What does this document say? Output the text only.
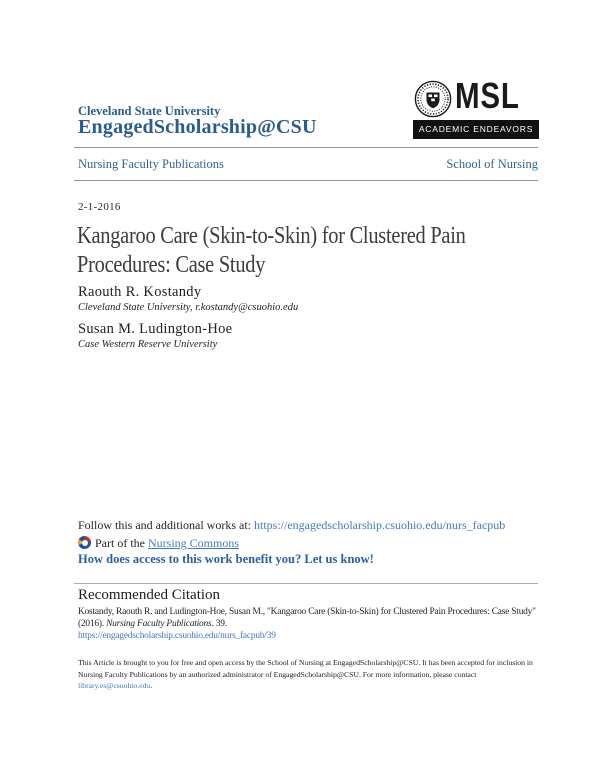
Cleveland State University
EngagedScholarship@CSU
MSL
ACADEMIC ENDEAVORS
Nursing Faculty Publications	School of Nursing
2-1-2016
Kangaroo Care (Skin-to-Skin) for Clustered Pain
Procedures: Case Study
Raouth R. Kostandy
Cleveland State University, r.kostandy@csuohio.edu
Susan M. Ludington-Hoe
Case Western Reserve University
Follow this and additional works at: https://engagedscholarship.csuohio.edu/nurs_facpub
Part of the Nursing Commons
How does access to this work benefit you? Let us know!
Recommended Citation
Kostandy, Raouth R. and Ludington-Hoe, Susan M., "Kangaroo Care (Skin-to-Skin) for Clustered Pain Procedures: Case Study"
(2016). Nursing Faculty Publications. 39.
https://engagedscholarship.csuohio.edu/nurs_facpub/39
This Article is brought to you for free and open access by the School of Nursing at EngagedScholarship@CSU. It has been accepted for inclusion in Nursing Faculty Publications by an authorized administrator of EngagedScholarship@CSU. For more information, please contact
library.es@csuohio.edu.
